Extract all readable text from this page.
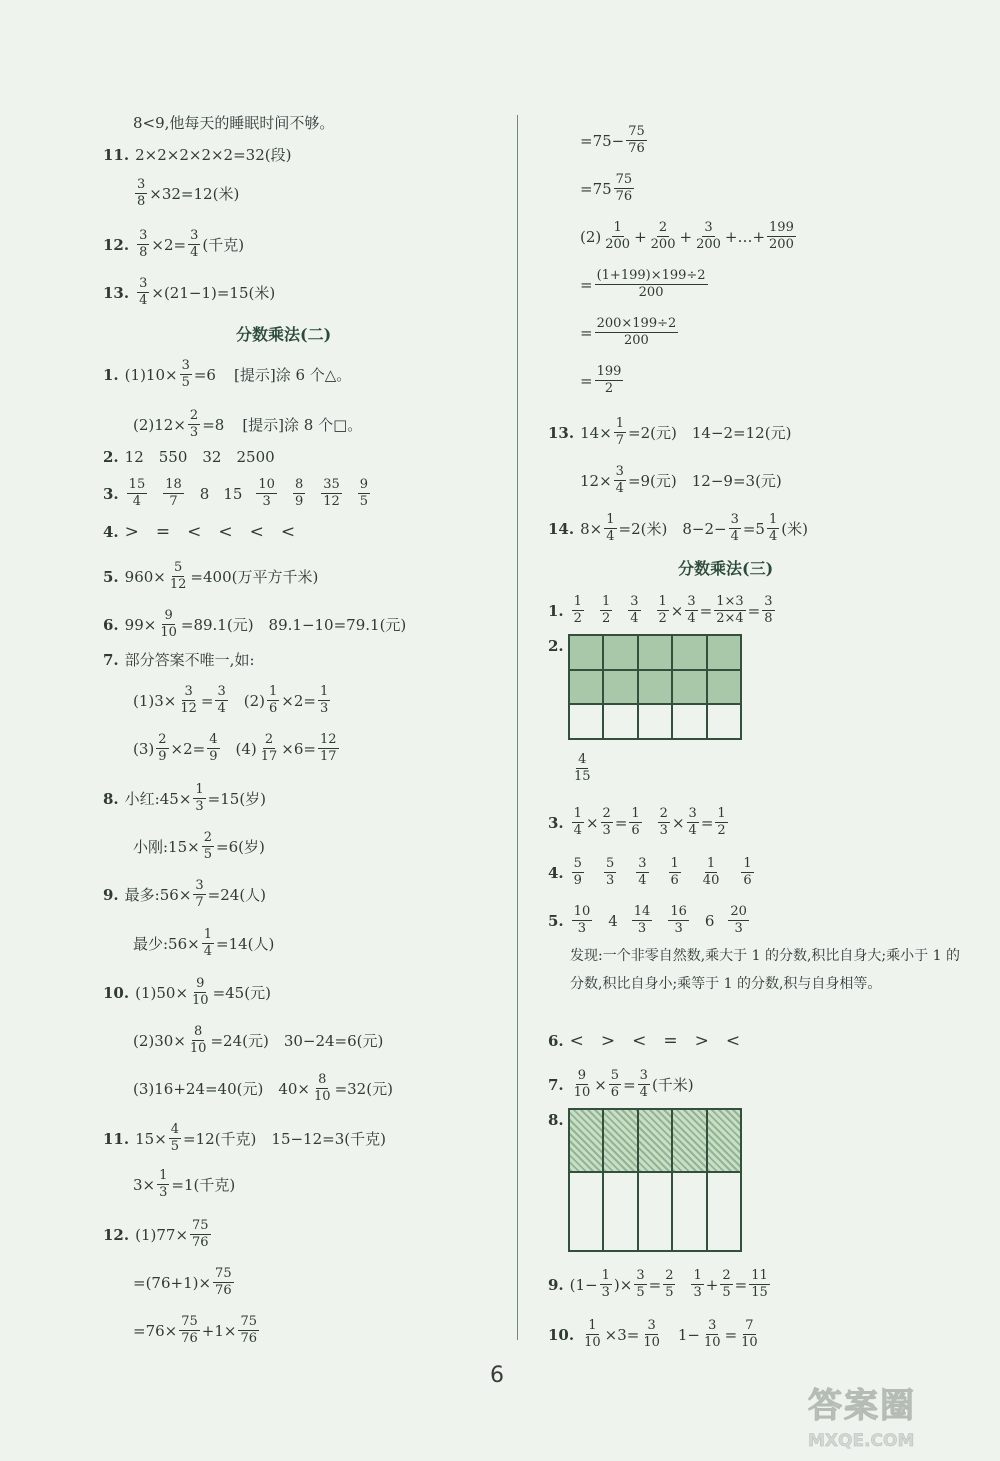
8<9,他每天的睡眠时间不够。
11. 2×2×2×2×2=32(段)
$\frac{3}{8} \times 32=12$(米)
12. $\frac{3}{8} \times 2= \frac{3}{4}$ (千克)
13. $\frac{3}{4} \times(21-1)=15$(米)
分数乘法(二)
1. $(1)10\times \frac{3}{5} =6$ [提示]涂 6 个△。
$(2)12\times \frac{2}{3} =8$ [提示]涂 8 个□。
2. 12　550　32　2500
3. $\frac{15}{4} \frac{18}{7} 8$ $15 \frac{10}{3} \frac{8}{9} \frac{35}{12} \frac{9}{5}$
4. >　=　<　<　<　<
5. $960\times \frac{5}{12} =400$(万平方千米)
6. $99\times \frac{9}{10} =89.1$(元)　89.1−10=79.1(元)
7. 部分答案不唯一,如:
$(1)3\times \frac{3}{12} = \frac{3}{4} (2) \frac{1}{6} \times 2= \frac{1}{3}$
$(3) \frac{2}{9} \times 2= \frac{4}{9} (4) \frac{2}{17} \times 6= \frac{12}{17}$
8. 小红:45× $\frac{1}{3} =15$(岁)
小刚:15× $\frac{2}{5} =6$(岁)
9. 最多:56× $\frac{3}{7} =24$(人)
最少:56× $\frac{1}{4} =14$(人)
10. $(1)50\times \frac{9}{10} =45$(元)
$(2)30\times \frac{8}{10} =24$(元)　30−24=6(元)
(3)16+24=40(元)　$40\times \frac{8}{10} =32$(元)
11. $15\times \frac{4}{5} =12$(千克)　15−12=3(千克)
$3\times \frac{1}{3} =1$(千克)
12. $(1)77\times \frac{75}{76}$
$=(76+1)\times \frac{75}{76}$
$=76\times \frac{75}{76} +1\times \frac{75}{76}$
$=75- \frac{75}{76}$
$=75 \frac{75}{76}$
$(2) \frac{1}{200} + \frac{2}{200} + \frac{3}{200}$ +…+ $\frac{199}{200}$
= $\frac{(1+199)\times 199\div 2}{200}$
= $\frac{200\times 199\div 2}{200}$
= $\frac{199}{2}$
13. $14\times \frac{1}{7} =2$(元)　14−2=12(元)
$12\times \frac{3}{4} =9$(元)　12−9=3(元)
14. $8\times \frac{1}{4} =2$(米)　$8-2- \frac{3}{4} =5 \frac{1}{4}$ (米)
分数乘法(三)
1. $\frac{1}{2} \frac{1}{2} \frac{3}{4} \frac{1}{2} \times \frac{3}{4} = \frac{1\times 3}{2\times 4} = \frac{3}{8}$
2.
$\frac{4}{15}$
3. $\frac{1}{4} \times \frac{2}{3} = \frac{1}{6} \frac{2}{3} \times \frac{3}{4} = \frac{1}{2}$
4. $\frac{5}{9} \frac{5}{3} \frac{3}{4} \frac{1}{6} \frac{1}{40} \frac{1}{6}$
5. $\frac{10}{3} 4 \frac{14}{3} \frac{16}{3} 6 \frac{20}{3}$
发现:一个非零自然数,乘大于 1 的分数,积比自身大;乘小于 1 的分数,积比自身小;乘等于 1 的分数,积与自身相等。
6. <　>　<　=　>　<
7. $\frac{9}{10} \times \frac{5}{6} = \frac{3}{4}$ (千米)
8.
9. ($1- \frac{1}{3}$ )× $\frac{3}{5} = \frac{2}{5} \frac{1}{3} + \frac{2}{5} = \frac{11}{15}$
10. $\frac{1}{10} \times 3= \frac{3}{10} 1- \frac{3}{10} = \frac{7}{10}$
6
答案圈
MXQE.COM
